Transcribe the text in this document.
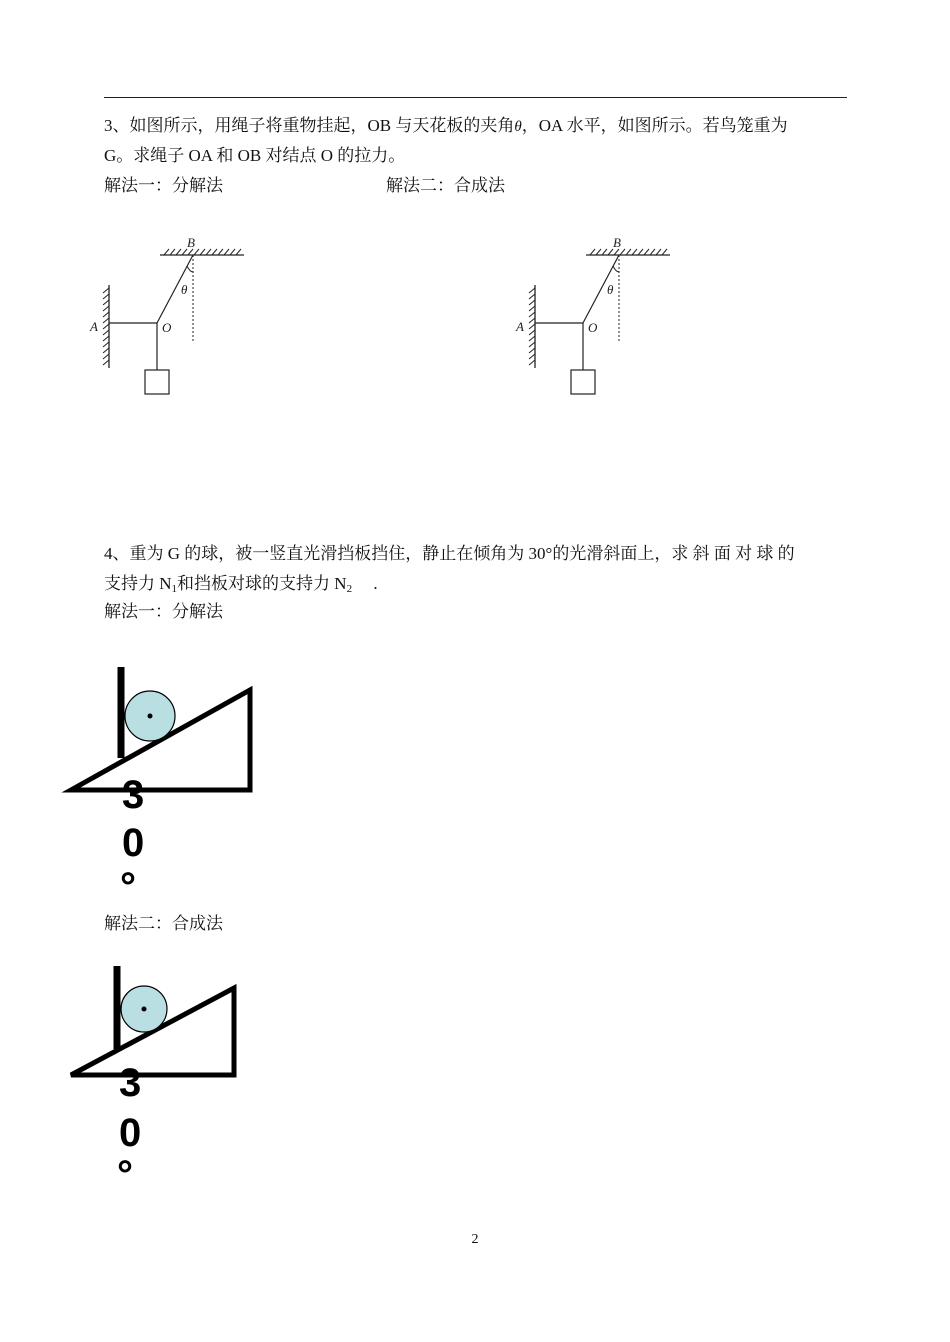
3、如图所示，用绳子将重物挂起，OB 与天花板的夹角θ，OA 水平，如图所示。若鸟笼重为
G。求绳子 OA 和 OB 对结点 O 的拉力。
解法一：分解法	解法二：合成法
B
A	O
θ
B
A	O
θ
4、重为 G 的球，被一竖直光滑挡板挡住，静止在倾角为 30°的光滑斜面上，求 斜 面 对 球 的
支持力 $N_1$和挡板对球的支持力 $N_2$     .
解法一：分解法
3
0
°
解法二：合成法
3
0
°
2
